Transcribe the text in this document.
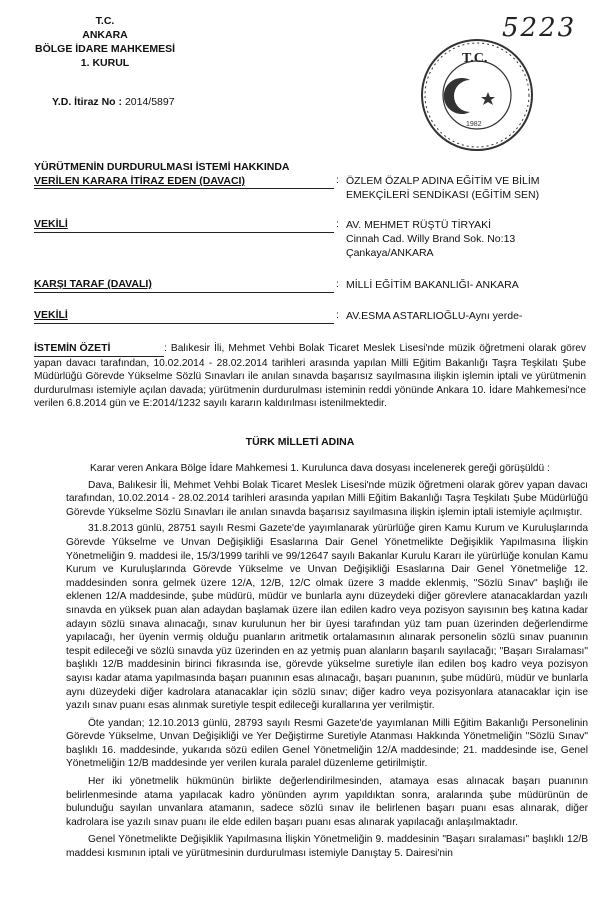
T.C.
ANKARA
BÖLGE İDARE MAHKEMESİ
1. KURUL
Y.D. İtiraz No : 2014/5897
5223
T.C.
1982
YÜRÜTMENİN DURDURULMASI İSTEMİ HAKKINDA
VERİLEN KARARA İTİRAZ EDEN (DAVACI)	: ÖZLEM ÖZALP ADINA EĞİTİM VE BİLİM
EMEKÇİLERİ SENDİKASI (EĞİTİM SEN)
VEKİLİ	: AV. MEHMET RÜŞTÜ TİRYAKİ
Cinnah Cad. Willy Brand Sok. No:13
Çankaya/ANKARA
KARŞI TARAF (DAVALI)	: MİLLİ EĞİTİM BAKANLIĞI- ANKARA
VEKİLİ	: AV.ESMA ASTARLIOĞLU-Aynı yerde-

İSTEMİN ÖZETİ	: Balıkesir İli, Mehmet Vehbi Bolak Ticaret Meslek Lisesi'nde müzik öğretmeni olarak görev yapan davacı tarafından, 10.02.2014 - 28.02.2014 tarihleri arasında yapılan Milli Eğitim Bakanlığı Taşra Teşkilatı Şube Müdürlüğü Görevde Yükselme Sözlü Sınavları ile anılan sınavda başarısız sayılmasına ilişkin işlemin iptali ve yürütmenin durdurulması istemiyle açılan davada; yürütmenin durdurulması isteminin reddi yönünde Ankara 10. İdare Mahkemesi'nce verilen 6.8.2014 gün ve E:2014/1232 sayılı kararın kaldırılması istenilmektedir.

TÜRK MİLLETİ ADINA

Karar veren Ankara Bölge İdare Mahkemesi 1. Kurulunca dava dosyası incelenerek gereği görüşüldü :

Dava, Balıkesir İli, Mehmet Vehbi Bolak Ticaret Meslek Lisesi'nde müzik öğretmeni olarak görev yapan davacı tarafından, 10.02.2014 - 28.02.2014 tarihleri arasında yapılan Milli Eğitim Bakanlığı Taşra Teşkilatı Şube Müdürlüğü Görevde Yükselme Sözlü Sınavları ile anılan sınavda başarısız sayılmasına ilişkin işlemin iptali istemiyle açılmıştır.

31.8.2013 günlü, 28751 sayılı Resmi Gazete'de yayımlanarak yürürlüğe giren Kamu Kurum ve Kuruluşlarında Görevde Yükselme ve Unvan Değişikliği Esaslarına Dair Genel Yönetmelikte Değişiklik Yapılmasına İlişkin Yönetmeliğin 9. maddesi ile, 15/3/1999 tarihli ve 99/12647 sayılı Bakanlar Kurulu Kararı ile yürürlüğe konulan Kamu Kurum ve Kuruluşlarında Görevde Yükselme ve Unvan Değişikliği Esaslarına Dair Genel Yönetmeliğe 12. maddesinden sonra gelmek üzere 12/A, 12/B, 12/C olmak üzere 3 madde eklenmiş, "Sözlü Sınav" başlığı ile eklenen 12/A maddesinde, şube müdürü, müdür ve bunlarla aynı düzeydeki diğer görevlere atanacaklardan yazılı sınavda en yüksek puan alan adaydan başlamak üzere ilan edilen kadro veya pozisyon sayısının beş katına kadar adayın sözlü sınava alınacağı, sınav kurulunun her bir üyesi tarafından yüz tam puan üzerinden değerlendirme yapılacağı, her üyenin vermiş olduğu puanların aritmetik ortalamasının alınarak personelin sözlü sınav puanının tespit edileceği ve sözlü sınavda yüz üzerinden en az yetmiş puan alanların başarılı sayılacağı; "Başarı Sıralaması" başlıklı 12/B maddesinin birinci fıkrasında ise, görevde yükselme suretiyle ilan edilen boş kadro veya pozisyon sayısı kadar atama yapılmasında başarı puanının esas alınacağı, başarı puanının, şube müdürü, müdür ve bunlarla aynı düzeydeki diğer kadrolara atanacaklar için sözlü sınav; diğer kadro veya pozisyonlara atanacaklar için ise yazılı sınav puanı esas alınmak suretiyle tespit edileceği kurallarına yer verilmiştir.

Öte yandan; 12.10.2013 günlü, 28793 sayılı Resmi Gazete'de yayımlanan Milli Eğitim Bakanlığı Personelinin Görevde Yükselme, Unvan Değişikliği ve Yer Değiştirme Suretiyle Atanması Hakkında Yönetmeliğin "Sözlü Sınav" başlıklı 16. maddesinde, yukarıda sözü edilen Genel Yönetmeliğin 12/A maddesinde; 21. maddesinde ise, Genel Yönetmeliğin 12/B maddesinde yer verilen kurala paralel düzenleme getirilmiştir.

Her iki yönetmelik hükmünün birlikte değerlendirilmesinden, atamaya esas alınacak başarı puanının belirlenmesinde atama yapılacak kadro yönünden ayrım yapıldıktan sonra, aralarında şube müdürünün de bulunduğu sayılan unvanlara atamanın, sadece sözlü sınav ile belirlenen başarı puanı esas alınarak, diğer kadrolara ise yazılı sınav puanı ile elde edilen başarı puanı esas alınarak yapılacağı anlaşılmaktadır.

Genel Yönetmelikte Değişiklik Yapılmasına İlişkin Yönetmeliğin 9. maddesinin "Başarı sıralaması" başlıklı 12/B maddesi kısmının iptali ve yürütmesinin durdurulması istemiyle Danıştay 5. Dairesi'nin
